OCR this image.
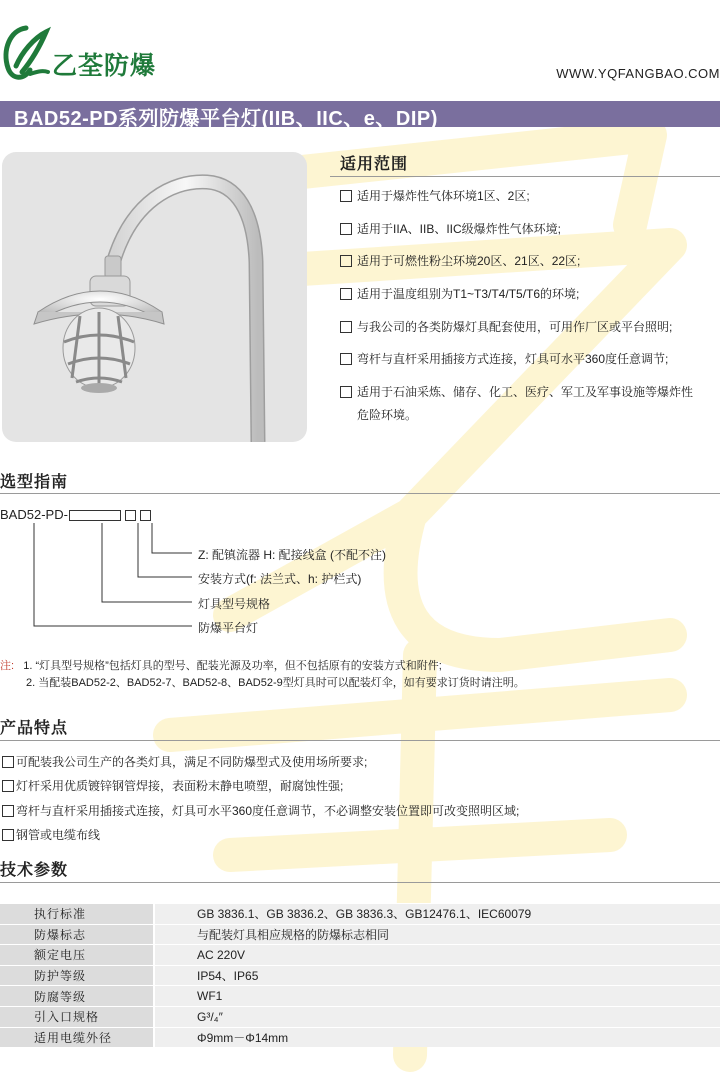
乙荃防爆	WWW.YQFANGBAO.COM
BAD52-PD系列防爆平台灯(IIB、IIC、e、DIP)
适用范围
适用于爆炸性气体环境1区、2区;
适用于IIA、IIB、IIC级爆炸性气体环境;
适用于可燃性粉尘环境20区、21区、22区;
适用于温度组别为T1~T3/T4/T5/T6的环境;
与我公司的各类防爆灯具配套使用，可用作厂区或平台照明;
弯杆与直杆采用插接方式连接，灯具可水平360度任意调节;
适用于石油采炼、储存、化工、医疗、军工及军事设施等爆炸性
危险环境。
选型指南
BAD52-PD-
Z: 配镇流器 H: 配接线盒 (不配不注)
安装方式(f: 法兰式、h: 护栏式)
灯具型号规格
防爆平台灯
注: 1. “灯具型号规格”包括灯具的型号、配装光源及功率，但不包括原有的安装方式和附件;
2. 当配装BAD52-2、BAD52-7、BAD52-8、BAD52-9型灯具时可以配装灯伞，如有要求订货时请注明。
产品特点
可配装我公司生产的各类灯具，满足不同防爆型式及使用场所要求;
灯杆采用优质镀锌钢管焊接，表面粉末静电喷塑，耐腐蚀性强;
弯杆与直杆采用插接式连接，灯具可水平360度任意调节，不必调整安装位置即可改变照明区域;
钢管或电缆布线
技术参数
执行标准	GB 3836.1、GB 3836.2、GB 3836.3、GB12476.1、IEC60079
防爆标志	与配装灯具相应规格的防爆标志相同
额定电压	AC 220V
防护等级	IP54、IP65
防腐等级	WF1
引入口规格	G³/₄″
适用电缆外径	Φ9mm－Φ14mm
